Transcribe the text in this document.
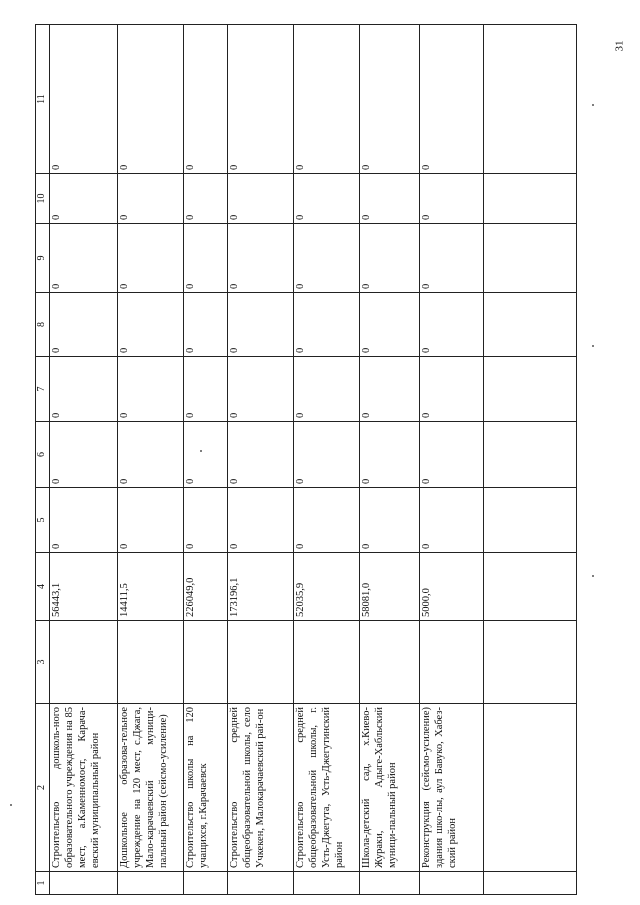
31
1	2	3	4	5	6	7	8	9	10	11
	Строительство дошколь-ного образовательного учреждения на 85 мест, а.Каменномост, Карача-евский муниципальный район		56443,1	0	0	0	0	0	0	0
	Дошкольное образова-тельное учреждение на 120 мест, с.Джага, Мало-карачаевский муници-пальный район (сейсмо-усиление)		14411,5	0	0	0	0	0	0	0
	Строительство школы на 120 учащихся, г.Карачаевск		226049,0	0	0	0	0	0	0	0
	Строительство средней общеобразовательной школы, село Учкекен, Малокарачаевский рай-он		173196,1	0	0	0	0	0	0	0
	Строительство средней общеобразовательной школы, г. Усть-Джегута, Усть-Джегутинский район		52035,9	0	0	0	0	0	0	0
	Школа-детский сад, х.Киево-Жураки, Адыге-Хабльский муници-пальный район		58081,0	0	0	0	0	0	0	0
	Реконструкция (сейсмо-усиление) здания шко-лы, аул Бавуко, Хабез-ский район		5000,0	0	0	0	0	0	0	0
